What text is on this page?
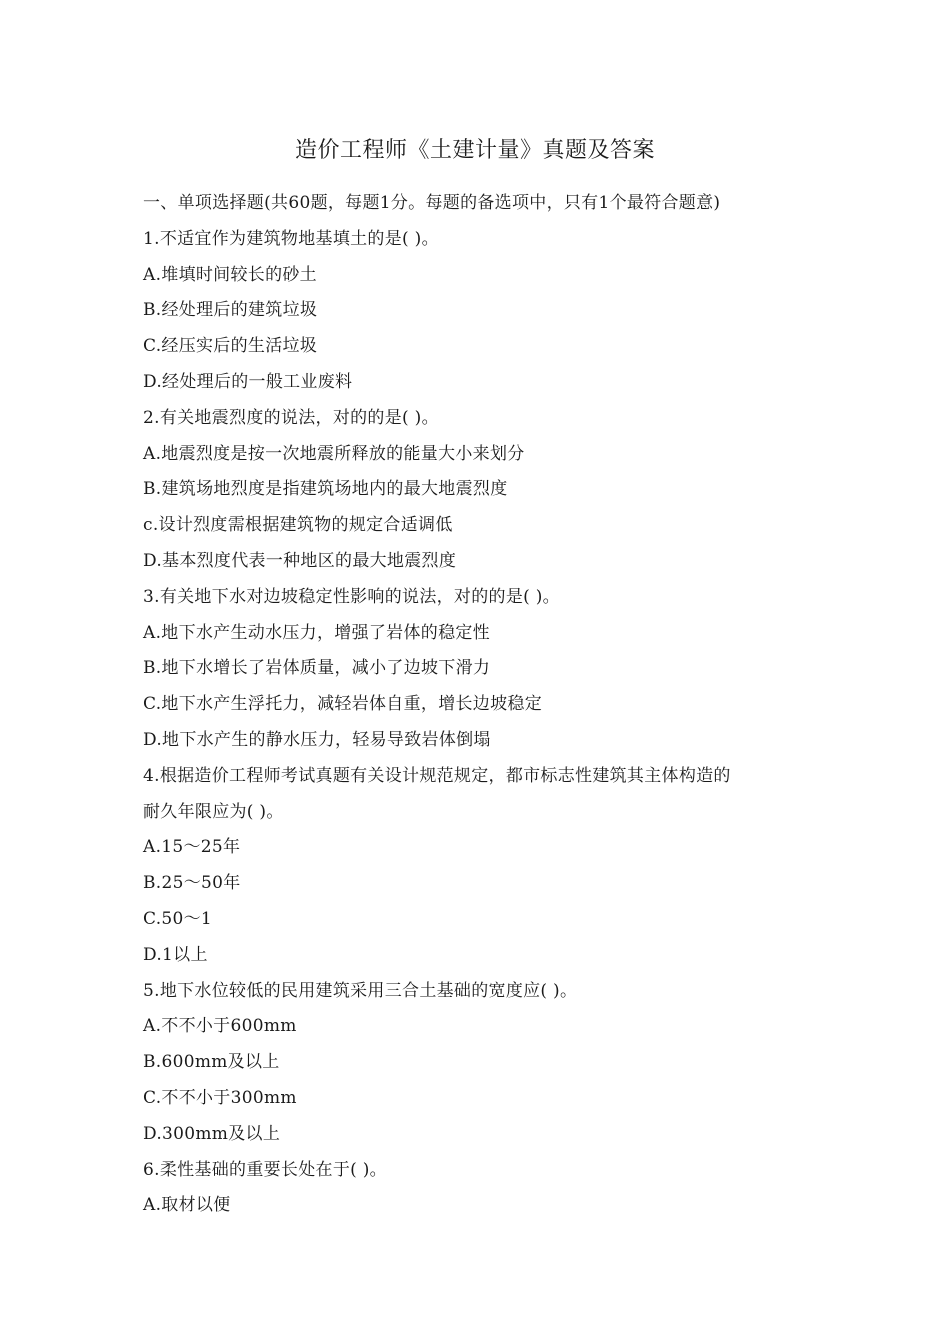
造价工程师《土建计量》真题及答案
一、单项选择题(共60题，每题1分。每题的备选项中，只有1个最符合题意)
1.不适宜作为建筑物地基填土的是( )。
A.堆填时间较长的砂土
B.经处理后的建筑垃圾
C.经压实后的生活垃圾
D.经处理后的一般工业废料
2.有关地震烈度的说法，对的的是( )。
A.地震烈度是按一次地震所释放的能量大小来划分
B.建筑场地烈度是指建筑场地内的最大地震烈度
c.设计烈度需根据建筑物的规定合适调低
D.基本烈度代表一种地区的最大地震烈度
3.有关地下水对边坡稳定性影响的说法，对的的是( )。
A.地下水产生动水压力，增强了岩体的稳定性
B.地下水增长了岩体质量，减小了边坡下滑力
C.地下水产生浮托力，减轻岩体自重，增长边坡稳定
D.地下水产生的静水压力，轻易导致岩体倒塌
4.根据造价工程师考试真题有关设计规范规定，都市标志性建筑其主体构造的
耐久年限应为( )。
A.15～25年
B.25～50年
C.50～1
D.1以上
5.地下水位较低的民用建筑采用三合土基础的宽度应( )。
A.不不小于600mm
B.600mm及以上
C.不不小于300mm
D.300mm及以上
6.柔性基础的重要长处在于( )。
A.取材以便
